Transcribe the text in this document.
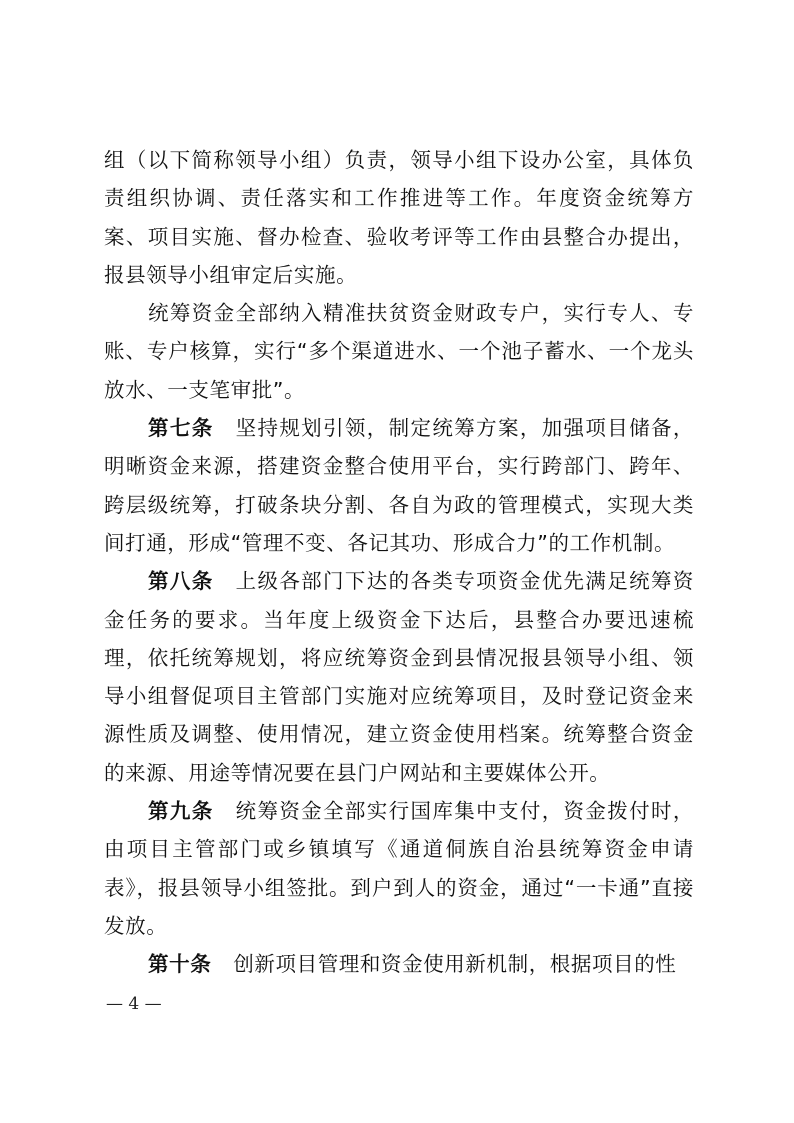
组（以下简称领导小组）负责，领导小组下设办公室，具体负责组织协调、责任落实和工作推进等工作。年度资金统筹方案、项目实施、督办检查、验收考评等工作由县整合办提出，报县领导小组审定后实施。

统筹资金全部纳入精准扶贫资金财政专户，实行专人、专账、专户核算，实行“多个渠道进水、一个池子蓄水、一个龙头放水、一支笔审批”。

第七条 坚持规划引领，制定统筹方案，加强项目储备，明晰资金来源，搭建资金整合使用平台，实行跨部门、跨年、跨层级统筹，打破条块分割、各自为政的管理模式，实现大类间打通，形成“管理不变、各记其功、形成合力”的工作机制。

第八条 上级各部门下达的各类专项资金优先满足统筹资金任务的要求。当年度上级资金下达后，县整合办要迅速梳理，依托统筹规划，将应统筹资金到县情况报县领导小组、领导小组督促项目主管部门实施对应统筹项目，及时登记资金来源性质及调整、使用情况，建立资金使用档案。统筹整合资金的来源、用途等情况要在县门户网站和主要媒体公开。

第九条 统筹资金全部实行国库集中支付，资金拨付时，由项目主管部门或乡镇填写《通道侗族自治县统筹资金申请表》，报县领导小组签批。到户到人的资金，通过“一卡通”直接发放。

第十条 创新项目管理和资金使用新机制，根据项目的性

— 4 —
